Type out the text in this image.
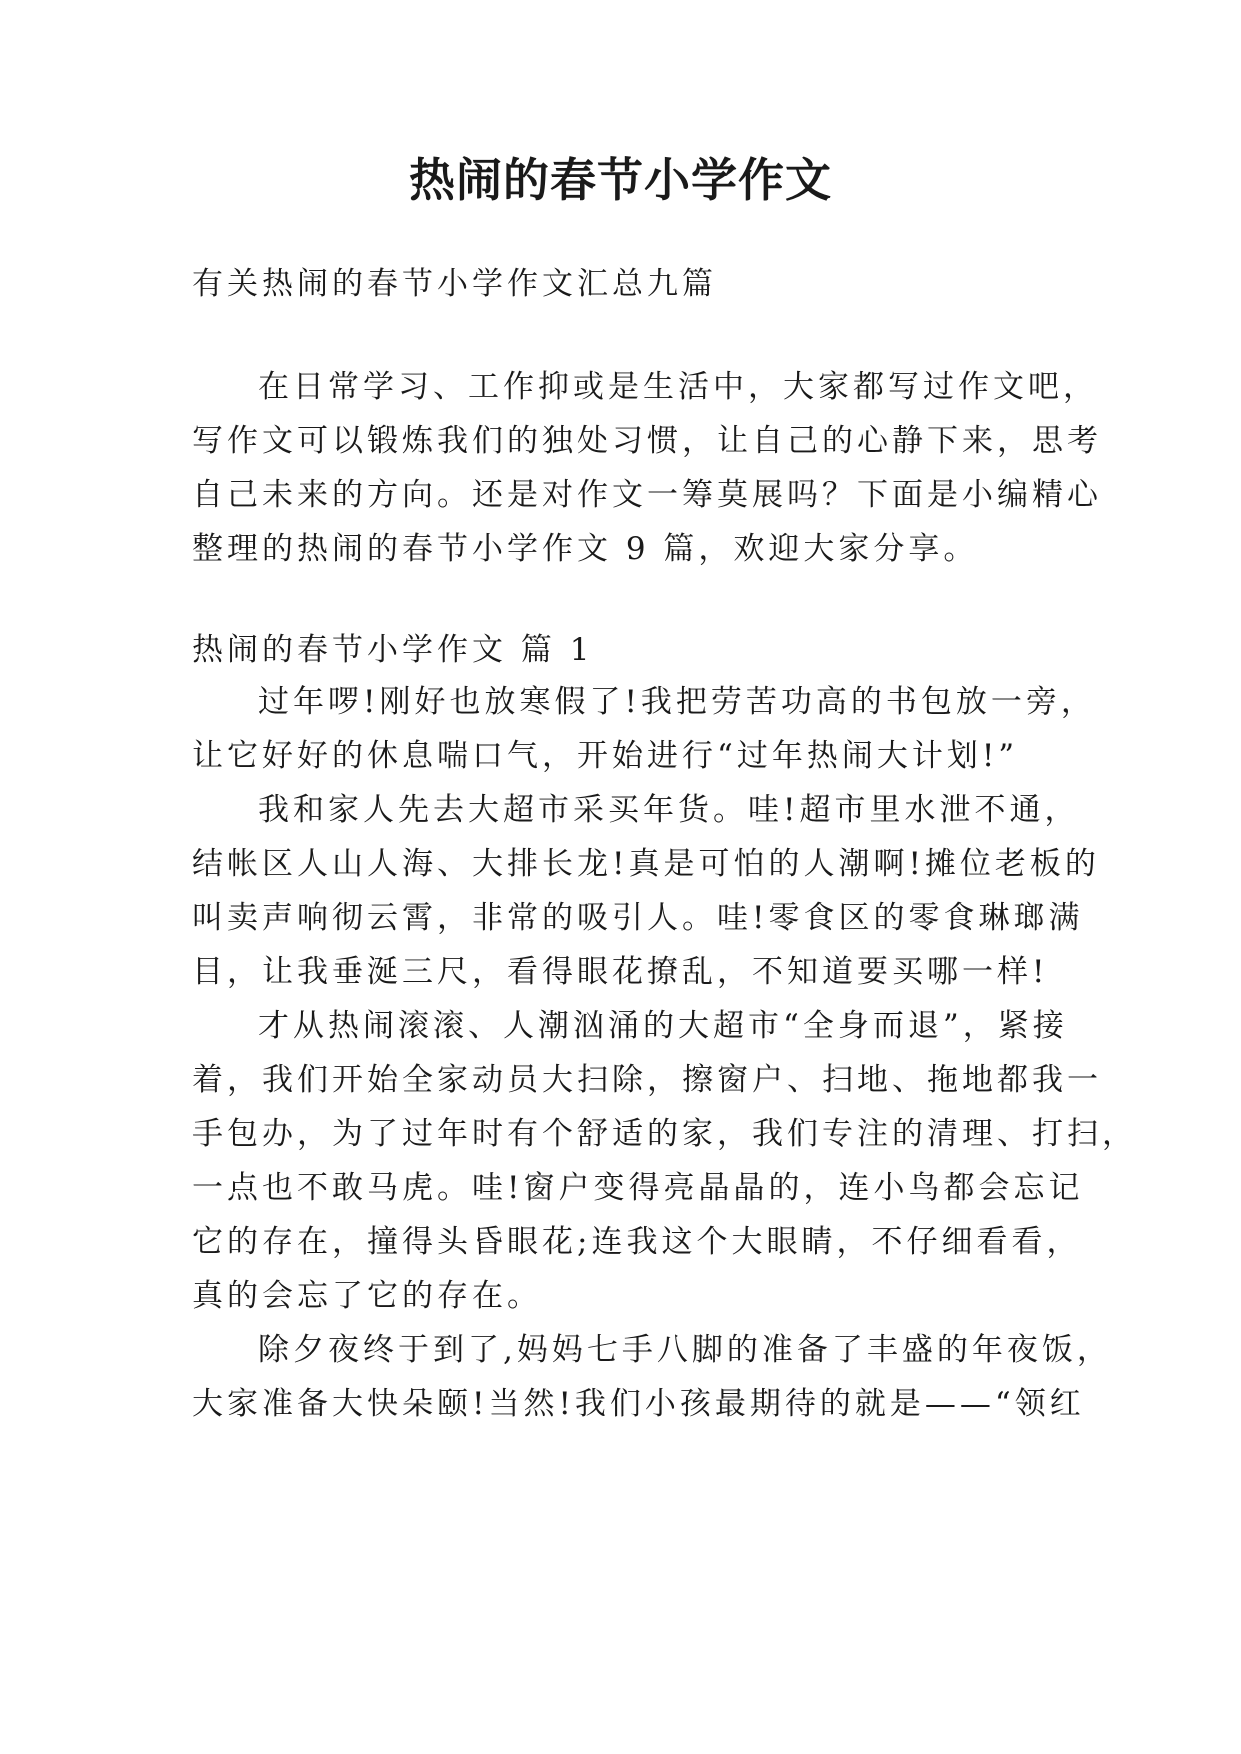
热闹的春节小学作文

有关热闹的春节小学作文汇总九篇

在日常学习、工作抑或是生活中，大家都写过作文吧，

写作文可以锻炼我们的独处习惯，让自己的心静下来，思考

自己未来的方向。还是对作文一筹莫展吗？下面是小编精心

整理的热闹的春节小学作文 9 篇，欢迎大家分享。

热闹的春节小学作文 篇 1

过年啰!刚好也放寒假了!我把劳苦功高的书包放一旁，

让它好好的休息喘口气，开始进行“过年热闹大计划!”

我和家人先去大超市采买年货。哇!超市里水泄不通，

结帐区人山人海、大排长龙!真是可怕的人潮啊!摊位老板的

叫卖声响彻云霄，非常的吸引人。哇!零食区的零食琳瑯满

目，让我垂涎三尺，看得眼花撩乱，不知道要买哪一样!

才从热闹滚滚、人潮汹涌的大超市“全身而退”，紧接

着，我们开始全家动员大扫除，擦窗户、扫地、拖地都我一

手包办，为了过年时有个舒适的家，我们专注的清理、打扫，

一点也不敢马虎。哇!窗户变得亮晶晶的，连小鸟都会忘记

它的存在，撞得头昏眼花;连我这个大眼睛，不仔细看看，

真的会忘了它的存在。

除夕夜终于到了,妈妈七手八脚的准备了丰盛的年夜饭，

大家准备大快朵颐!当然!我们小孩最期待的就是——“领红
